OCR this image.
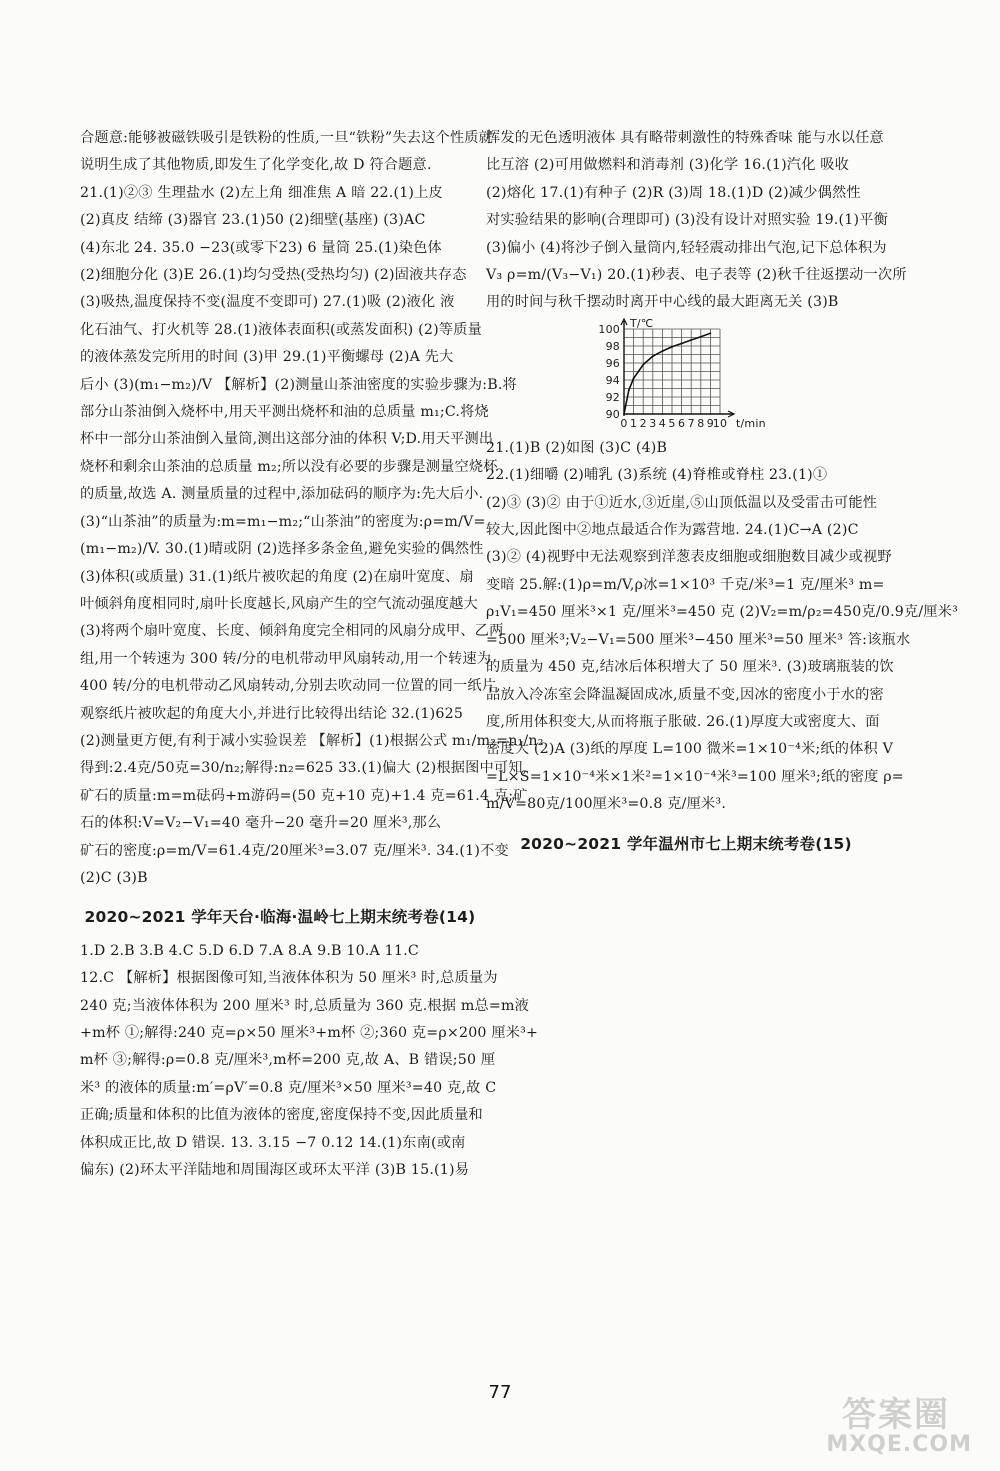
合题意:能够被磁铁吸引是铁粉的性质,一旦“铁粉”失去这个性质就

说明生成了其他物质,即发生了化学变化,故 D 符合题意.

21.(1)②③ 生理盐水 (2)左上角 细准焦 A 暗 22.(1)上皮

(2)真皮 结缔 (3)器官 23.(1)50 (2)细壁(基座) (3)AC

(4)东北 24. 35.0 −23(或零下23) 6 量筒 25.(1)染色体

(2)细胞分化 (3)E 26.(1)均匀受热(受热均匀) (2)固液共存态

(3)吸热,温度保持不变(温度不变即可) 27.(1)吸 (2)液化 液

化石油气、打火机等 28.(1)液体表面积(或蒸发面积) (2)等质量

的液体蒸发完所用的时间 (3)甲 29.(1)平衡螺母 (2)A 先大

后小 (3)(m₁−m₂)/V 【解析】(2)测量山茶油密度的实验步骤为:B.将

部分山茶油倒入烧杯中,用天平测出烧杯和油的总质量 m₁;C.将烧

杯中一部分山茶油倒入量筒,测出这部分油的体积 V;D.用天平测出

烧杯和剩余山茶油的总质量 m₂;所以没有必要的步骤是测量空烧杯

的质量,故选 A. 测量质量的过程中,添加砝码的顺序为:先大后小.

(3)“山茶油”的质量为:m=m₁−m₂;“山茶油”的密度为:ρ=m/V=

(m₁−m₂)/V. 30.(1)晴或阴 (2)选择多条金鱼,避免实验的偶然性

(3)体积(或质量) 31.(1)纸片被吹起的角度 (2)在扇叶宽度、扇

叶倾斜角度相同时,扇叶长度越长,风扇产生的空气流动强度越大

(3)将两个扇叶宽度、长度、倾斜角度完全相同的风扇分成甲、乙两

组,用一个转速为 300 转/分的电机带动甲风扇转动,用一个转速为

400 转/分的电机带动乙风扇转动,分别去吹动同一位置的同一纸片,

观察纸片被吹起的角度大小,并进行比较得出结论 32.(1)625

(2)测量更方便,有利于减小实验误差 【解析】(1)根据公式 m₁/m₂=n₁/n₂

得到:2.4克/50克=30/n₂;解得:n₂=625 33.(1)偏大 (2)根据图中可知,

矿石的质量:m=m砝码+m游码=(50 克+10 克)+1.4 克=61.4 克;矿

石的体积:V=V₂−V₁=40 毫升−20 毫升=20 厘米³,那么

矿石的密度:ρ=m/V=61.4克/20厘米³=3.07 克/厘米³. 34.(1)不变

(2)C (3)B

2020~2021 学年天台·临海·温岭七上期末统考卷(14)

1.D 2.B 3.B 4.C 5.D 6.D 7.A 8.A 9.B 10.A 11.C

12.C 【解析】根据图像可知,当液体体积为 50 厘米³ 时,总质量为

240 克;当液体体积为 200 厘米³ 时,总质量为 360 克.根据 m总=m液

+m杯 ①;解得:240 克=ρ×50 厘米³+m杯 ②;360 克=ρ×200 厘米³+

m杯 ③;解得:ρ=0.8 克/厘米³,m杯=200 克,故 A、B 错误;50 厘

米³ 的液体的质量:m′=ρV′=0.8 克/厘米³×50 厘米³=40 克,故 C

正确;质量和体积的比值为液体的密度,密度保持不变,因此质量和

体积成正比,故 D 错误. 13. 3.15 −7 0.12 14.(1)东南(或南

偏东) (2)环太平洋陆地和周围海区或环太平洋 (3)B 15.(1)易

挥发的无色透明液体 具有略带刺激性的特殊香味 能与水以任意

比互溶 (2)可用做燃料和消毒剂 (3)化学 16.(1)汽化 吸收

(2)熔化 17.(1)有种子 (2)R (3)周 18.(1)D (2)减少偶然性

对实验结果的影响(合理即可) (3)没有设计对照实验 19.(1)平衡

(3)偏小 (4)将沙子倒入量筒内,轻轻震动排出气泡,记下总体积为

V₃ ρ=m/(V₃−V₁) 20.(1)秒表、电子表等 (2)秋千往返摆动一次所

用的时间与秋千摆动时离开中心线的最大距离无关 (3)B

90
92
94
96
98
100
0 1 2 3 4 5 6 7 8 9
10
T/℃
t/min

21.(1)B (2)如图 (3)C (4)B

22.(1)细嚼 (2)哺乳 (3)系统 (4)脊椎或脊柱 23.(1)①

(2)③ (3)② 由于①近水,③近崖,⑤山顶低温以及受雷击可能性

较大,因此图中②地点最适合作为露营地. 24.(1)C→A (2)C

(3)② (4)视野中无法观察到洋葱表皮细胞或细胞数目减少或视野

变暗 25.解:(1)ρ=m/V,ρ冰=1×10³ 千克/米³=1 克/厘米³ m=

ρ₁V₁=450 厘米³×1 克/厘米³=450 克 (2)V₂=m/ρ₂=450克/0.9克/厘米³

=500 厘米³;V₂−V₁=500 厘米³−450 厘米³=50 厘米³ 答:该瓶水

的质量为 450 克,结冰后体积增大了 50 厘米³. (3)玻璃瓶装的饮

品放入冷冻室会降温凝固成冰,质量不变,因冰的密度小于水的密

度,所用体积变大,从而将瓶子胀破. 26.(1)厚度大或密度大、面

密度大 (2)A (3)纸的厚度 L=100 微米=1×10⁻⁴米;纸的体积 V

=L×S=1×10⁻⁴米×1米²=1×10⁻⁴米³=100 厘米³;纸的密度 ρ=

m/V=80克/100厘米³=0.8 克/厘米³.

2020~2021 学年温州市七上期末统考卷(15)
77
答案圈
MXQE.COM
